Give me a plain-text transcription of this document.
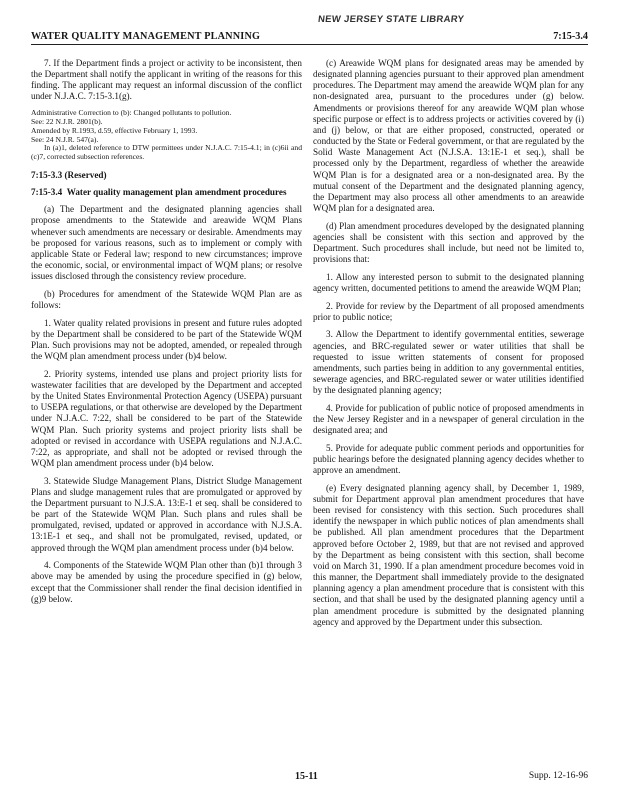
NEW JERSEY STATE LIBRARY
WATER QUALITY MANAGEMENT PLANNING	7:15-3.4

7. If the Department finds a project or activity to be inconsistent, then the Department shall notify the applicant in writing of the reasons for this finding. The applicant may request an informal discussion of the conflict under N.J.A.C. 7:15-3.1(g).

Administrative Correction to (b): Changed pollutants to pollution.

See: 22 N.J.R. 2801(b).

Amended by R.1993, d.59, effective February 1, 1993.

See: 24 N.J.R. 547(a).

In (a)1, deleted reference to DTW permittees under N.J.A.C. 7:15-4.1; in (c)6ii and (c)7, corrected subsection references.

7:15-3.3 (Reserved)

7:15-3.4 Water quality management plan amendment procedures

(a) The Department and the designated planning agencies shall propose amendments to the Statewide and areawide WQM Plans whenever such amendments are necessary or desirable. Amendments may be proposed for various reasons, such as to implement or comply with applicable State or Federal law; respond to new circumstances; improve the economic, social, or environmental impact of WQM plans; or resolve issues disclosed through the consistency review procedure.

(b) Procedures for amendment of the Statewide WQM Plan are as follows:

1. Water quality related provisions in present and future rules adopted by the Department shall be considered to be part of the Statewide WQM Plan. Such provisions may not be adopted, amended, or repealed through the WQM plan amendment process under (b)4 below.

2. Priority systems, intended use plans and project priority lists for wastewater facilities that are developed by the Department and accepted by the United States Environmental Protection Agency (USEPA) pursuant to USEPA regulations, or that otherwise are developed by the Department under N.J.A.C. 7:22, shall be considered to be part of the Statewide WQM Plan. Such priority systems and project priority lists shall be adopted or revised in accordance with USEPA regulations and N.J.A.C. 7:22, as appropriate, and shall not be adopted or revised through the WQM plan amendment process under (b)4 below.

3. Statewide Sludge Management Plans, District Sludge Management Plans and sludge management rules that are promulgated or approved by the Department pursuant to N.J.S.A. 13:E-1 et seq. shall be considered to be part of the Statewide WQM Plan. Such plans and rules shall be promulgated, revised, updated or approved in accordance with N.J.S.A. 13:1E-1 et seq., and shall not be promulgated, revised, updated, or approved through the WQM plan amendment process under (b)4 below.

4. Components of the Statewide WQM Plan other than (b)1 through 3 above may be amended by using the procedure specified in (g) below, except that the Commissioner shall render the final decision identified in (g)9 below.

(c) Areawide WQM plans for designated areas may be amended by designated planning agencies pursuant to their approved plan amendment procedures. The Department may amend the areawide WQM plan for any non-designated area, pursuant to the procedures under (g) below. Amendments or provisions thereof for any areawide WQM plan whose specific purpose or effect is to address projects or activities covered by (i) and (j) below, or that are either proposed, constructed, operated or conducted by the State or Federal government, or that are regulated by the Solid Waste Management Act (N.J.S.A. 13:1E-1 et seq.), shall be processed only by the Department, regardless of whether the areawide WQM Plan is for a designated area or a non-designated area. By the mutual consent of the Department and the designated planning agency, the Department may also process all other amendments to an areawide WQM plan for a designated area.

(d) Plan amendment procedures developed by the designated planning agencies shall be consistent with this section and approved by the Department. Such procedures shall include, but need not be limited to, provisions that:

1. Allow any interested person to submit to the designated planning agency written, documented petitions to amend the areawide WQM Plan;

2. Provide for review by the Department of all proposed amendments prior to public notice;

3. Allow the Department to identify governmental entities, sewerage agencies, and BRC-regulated sewer or water utilities that shall be requested to issue written statements of consent for proposed amendments, such parties being in addition to any governmental entities, sewerage agencies, and BRC-regulated sewer or water utilities identified by the designated planning agency;

4. Provide for publication of public notice of proposed amendments in the New Jersey Register and in a newspaper of general circulation in the designated area; and

5. Provide for adequate public comment periods and opportunities for public hearings before the designated planning agency decides whether to approve an amendment.

(e) Every designated planning agency shall, by December 1, 1989, submit for Department approval plan amendment procedures that have been revised for consistency with this section. Such procedures shall identify the newspaper in which public notices of plan amendments shall be published. All plan amendment procedures that the Department approved before October 2, 1989, but that are not revised and approved by the Department as being consistent with this section, shall become void on March 31, 1990. If a plan amendment procedure becomes void in this manner, the Department shall immediately provide to the designated planning agency a plan amendment procedure that is consistent with this section, and that shall be used by the designated planning agency until a plan amendment procedure is submitted by the designated planning agency and approved by the Department under this subsection.

15-11	Supp. 12-16-96
